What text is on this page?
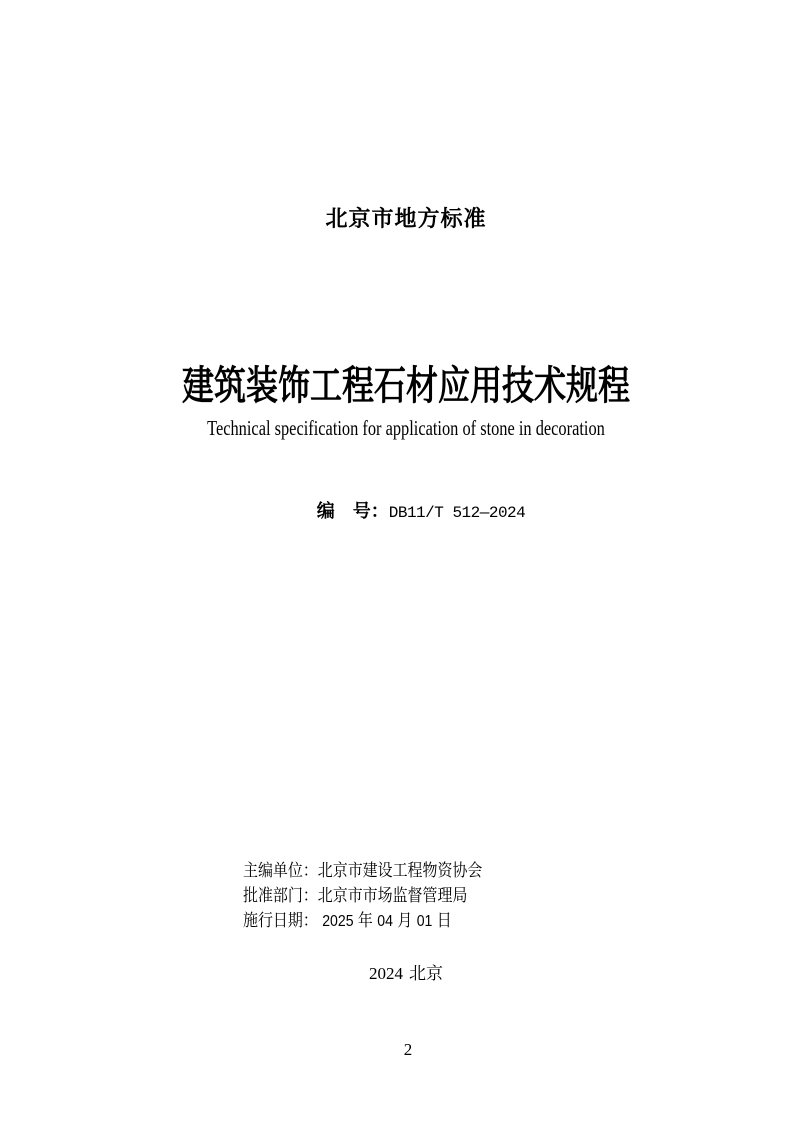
北京市地方标准
建筑装饰工程石材应用技术规程
Technical specification for application of stone in decoration
编　号：DB11/T 512—2024
主编单位：北京市建设工程物资协会
批准部门：北京市市场监督管理局
施行日期： 2025 年 04 月 01 日
2024 北京
2
